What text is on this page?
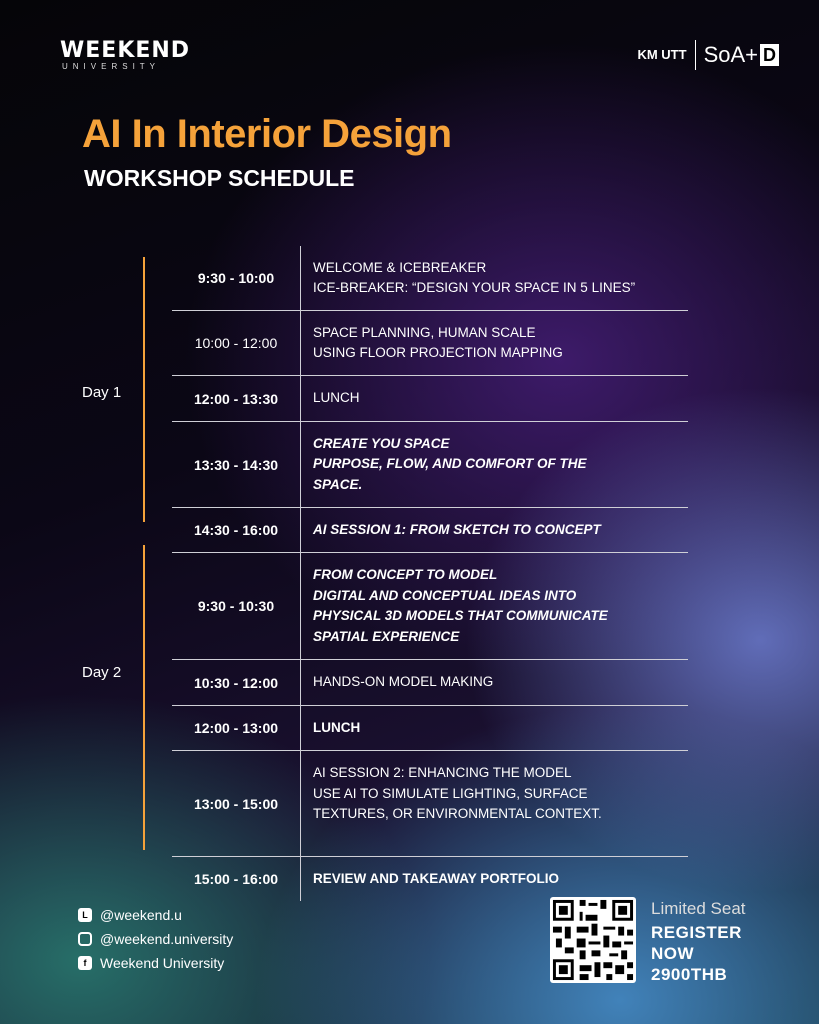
WEEKEND
UNIVERSITY
KM UTT SoA+ D
AI In Interior Design
WORKSHOP SCHEDULE
Day 1
Day 2
9:30 - 10:00
WELCOME & ICEBREAKER
ICE-BREAKER: “DESIGN YOUR SPACE IN 5 LINES”
10:00 - 12:00
SPACE PLANNING, HUMAN SCALE
USING FLOOR PROJECTION MAPPING
12:00 - 13:30	LUNCH
13:30 - 14:30
CREATE YOU SPACE
PURPOSE, FLOW, AND COMFORT OF THE
SPACE.
14:30 - 16:00	AI SESSION 1: FROM SKETCH TO CONCEPT
9:30 - 10:30
FROM CONCEPT TO MODEL
DIGITAL AND CONCEPTUAL IDEAS INTO
PHYSICAL 3D MODELS THAT COMMUNICATE
SPATIAL EXPERIENCE
10:30 - 12:00	HANDS-ON MODEL MAKING
12:00 - 13:00	LUNCH
13:00 - 15:00
AI SESSION 2: ENHANCING THE MODEL
USE AI TO SIMULATE LIGHTING, SURFACE
TEXTURES, OR ENVIRONMENTAL CONTEXT.
15:00 - 16:00	REVIEW AND TAKEAWAY PORTFOLIO
L @weekend.u
@weekend.university
f Weekend University
Limited Seat
REGISTER
NOW
2900THB
